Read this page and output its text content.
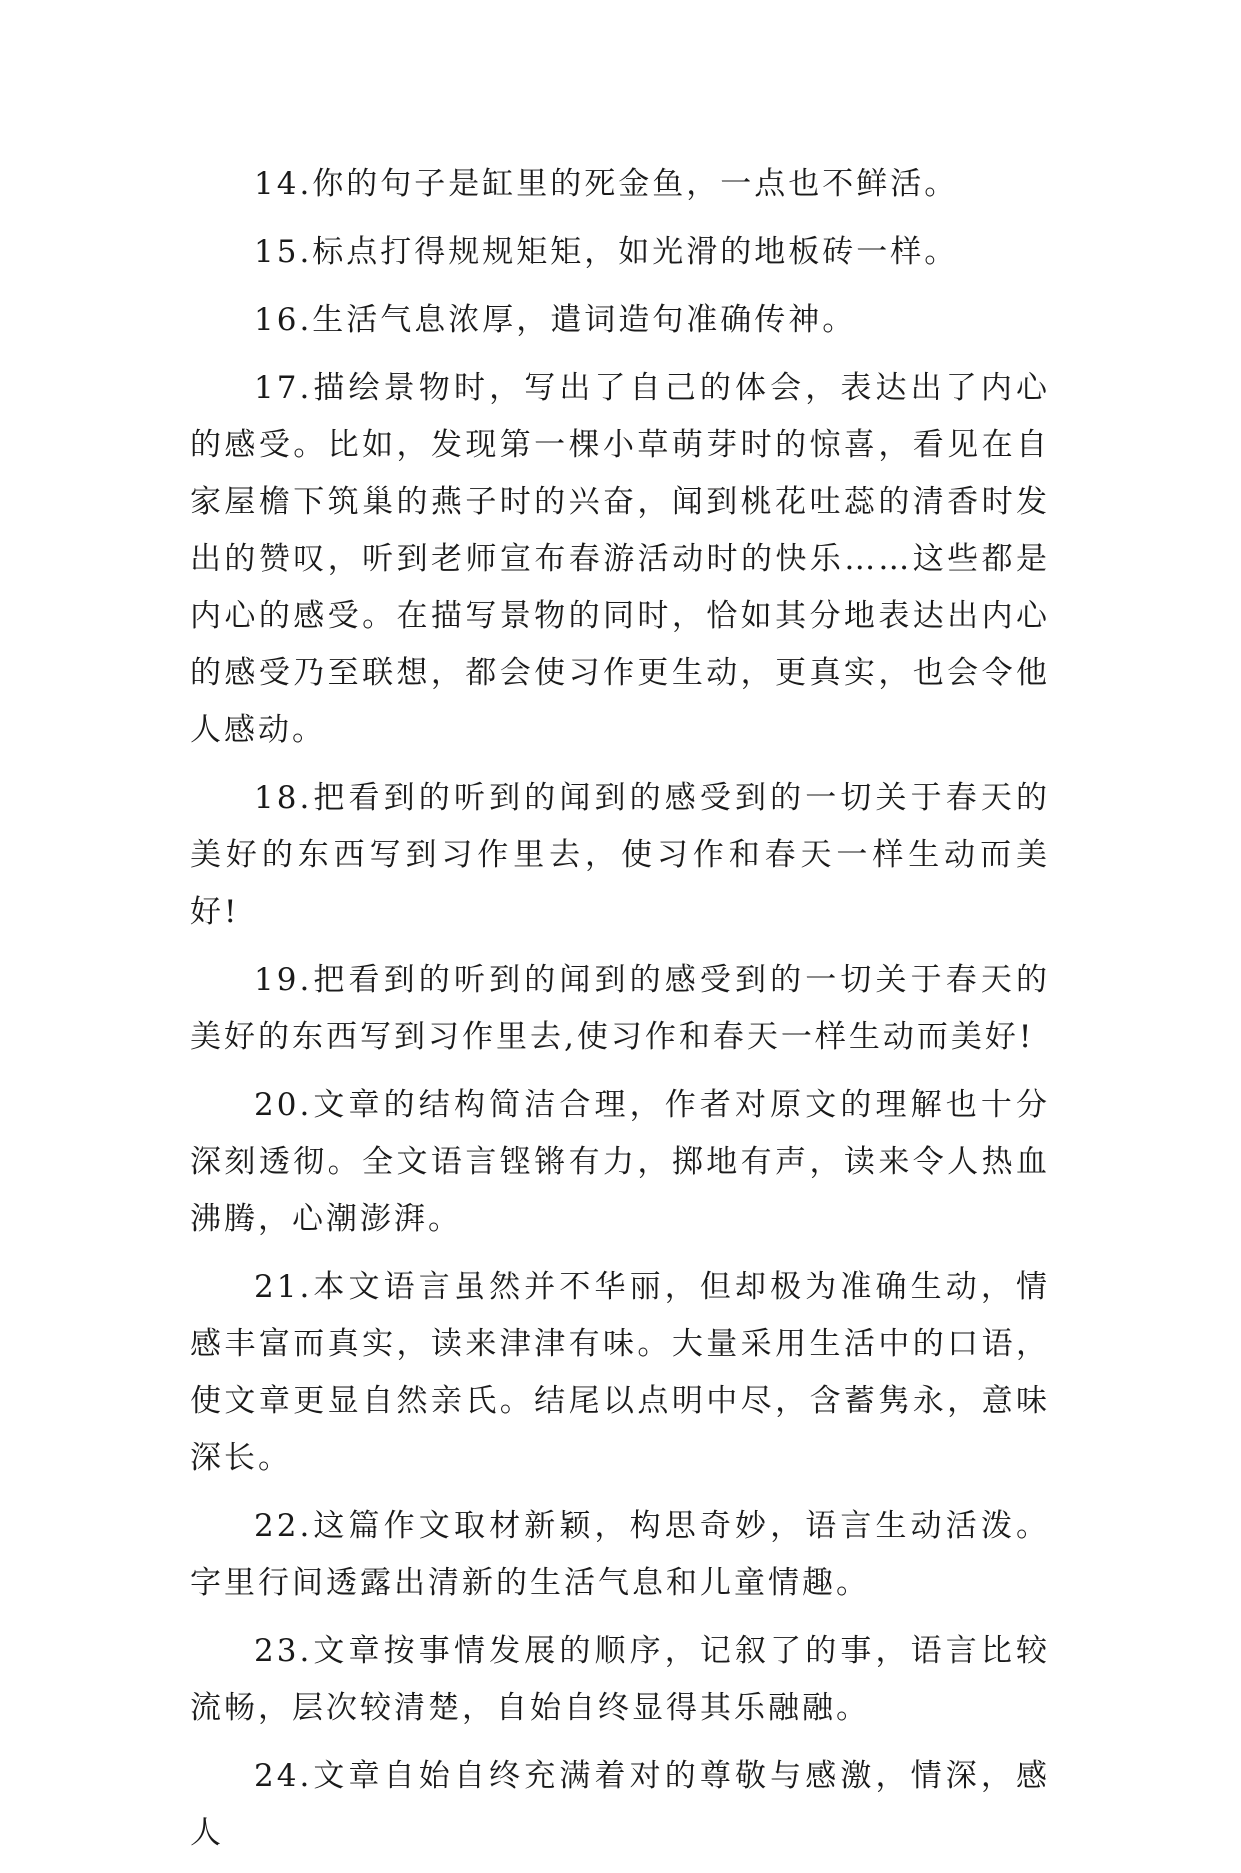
14.你的句子是缸里的死金鱼，一点也不鲜活。

15.标点打得规规矩矩，如光滑的地板砖一样。

16.生活气息浓厚，遣词造句准确传神。

17.描绘景物时，写出了自己的体会，表达出了内心的感受。比如，发现第一棵小草萌芽时的惊喜，看见在自家屋檐下筑巢的燕子时的兴奋，闻到桃花吐蕊的清香时发出的赞叹，听到老师宣布春游活动时的快乐……这些都是内心的感受。在描写景物的同时，恰如其分地表达出内心的感受乃至联想，都会使习作更生动，更真实，也会令他人感动。

18.把看到的听到的闻到的感受到的一切关于春天的美好的东西写到习作里去，使习作和春天一样生动而美好!

19.把看到的听到的闻到的感受到的一切关于春天的美好的东西写到习作里去,使习作和春天一样生动而美好!

20.文章的结构简洁合理，作者对原文的理解也十分深刻透彻。全文语言铿锵有力，掷地有声，读来令人热血沸腾，心潮澎湃。

21.本文语言虽然并不华丽，但却极为准确生动，情感丰富而真实，读来津津有味。大量采用生活中的口语，使文章更显自然亲氏。结尾以点明中尽，含蓄隽永，意味深长。

22.这篇作文取材新颖，构思奇妙，语言生动活泼。字里行间透露出清新的生活气息和儿童情趣。

23.文章按事情发展的顺序，记叙了的事，语言比较流畅，层次较清楚，自始自终显得其乐融融。

24.文章自始自终充满着对的尊敬与感激，情深，感人
